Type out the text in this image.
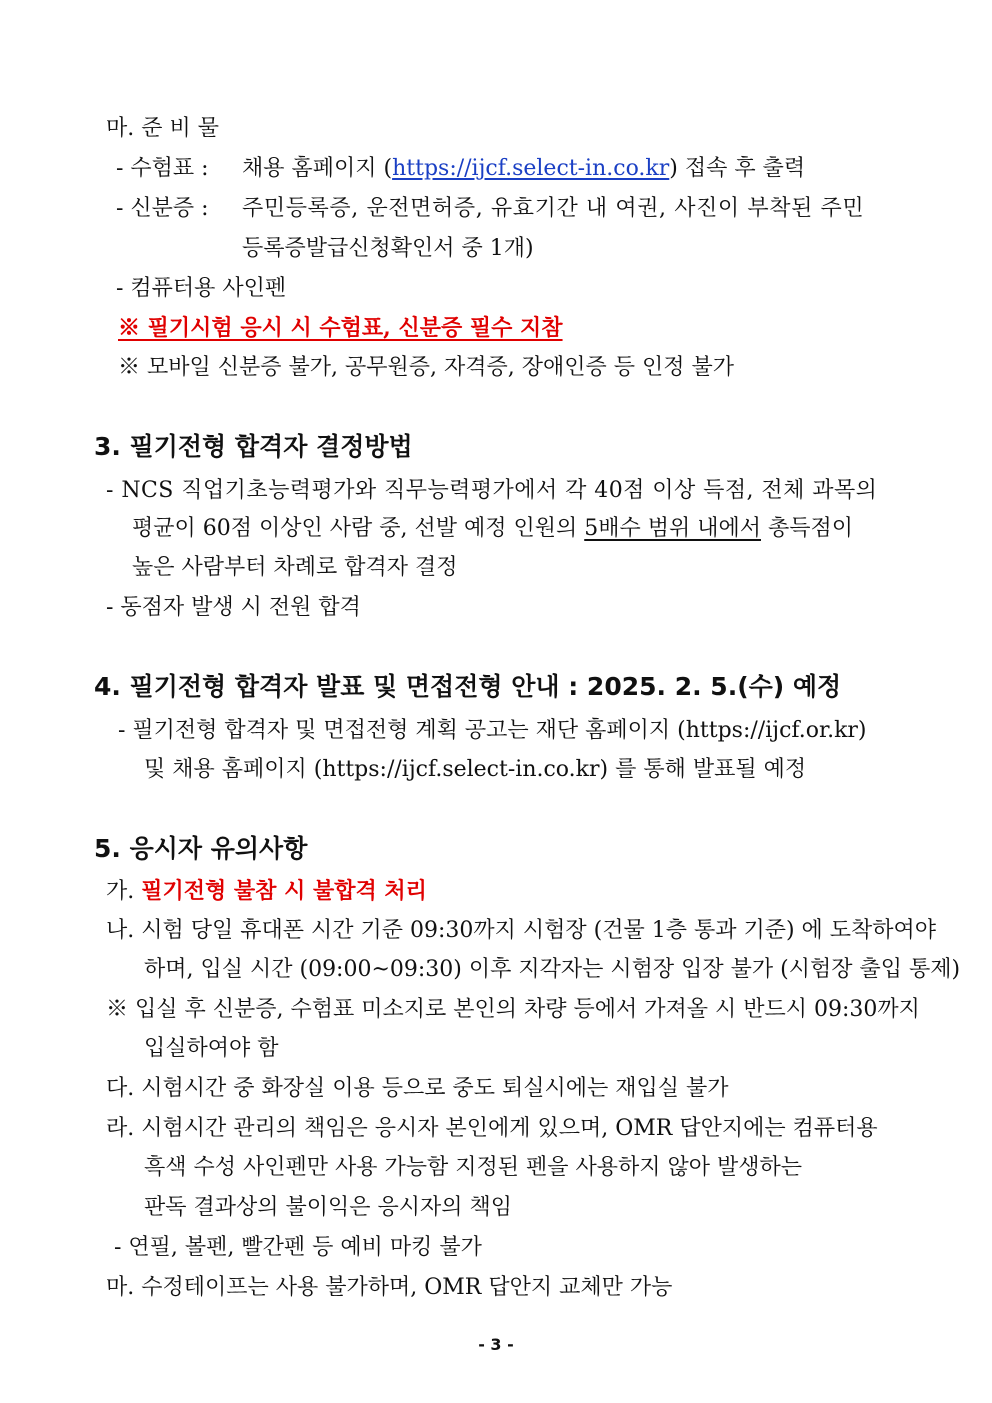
마. 준 비 물
- 수험표 : 채용 홈페이지 (https://ijcf.select-in.co.kr) 접속 후 출력
- 신분증 : 주민등록증, 운전면허증, 유효기간 내 여권, 사진이 부착된 주민
등록증발급신청확인서 중 1개)
- 컴퓨터용 사인펜
※ 필기시험 응시 시 수험표, 신분증 필수 지참
※ 모바일 신분증 불가, 공무원증, 자격증, 장애인증 등 인정 불가
3. 필기전형 합격자 결정방법
- NCS 직업기초능력평가와 직무능력평가에서 각 40점 이상 득점, 전체 과목의
평균이 60점 이상인 사람 중, 선발 예정 인원의 5배수 범위 내에서 총득점이
높은 사람부터 차례로 합격자 결정
- 동점자 발생 시 전원 합격
4. 필기전형 합격자 발표 및 면접전형 안내 : 2025. 2. 5.(수) 예정
- 필기전형 합격자 및 면접전형 계획 공고는 재단 홈페이지 (https://ijcf.or.kr)
및 채용 홈페이지 (https://ijcf.select-in.co.kr) 를 통해 발표될 예정
5. 응시자 유의사항
가. 필기전형 불참 시 불합격 처리
나. 시험 당일 휴대폰 시간 기준 09:30까지 시험장 (건물 1층 통과 기준) 에 도착하여야
하며, 입실 시간 (09:00~09:30) 이후 지각자는 시험장 입장 불가 (시험장 출입 통제)
※ 입실 후 신분증, 수험표 미소지로 본인의 차량 등에서 가져올 시 반드시 09:30까지
입실하여야 함
다. 시험시간 중 화장실 이용 등으로 중도 퇴실시에는 재입실 불가
라. 시험시간 관리의 책임은 응시자 본인에게 있으며, OMR 답안지에는 컴퓨터용
흑색 수성 사인펜만 사용 가능함 지정된 펜을 사용하지 않아 발생하는
판독 결과상의 불이익은 응시자의 책임
- 연필, 볼펜, 빨간펜 등 예비 마킹 불가
마. 수정테이프는 사용 불가하며, OMR 답안지 교체만 가능
- 3 -
